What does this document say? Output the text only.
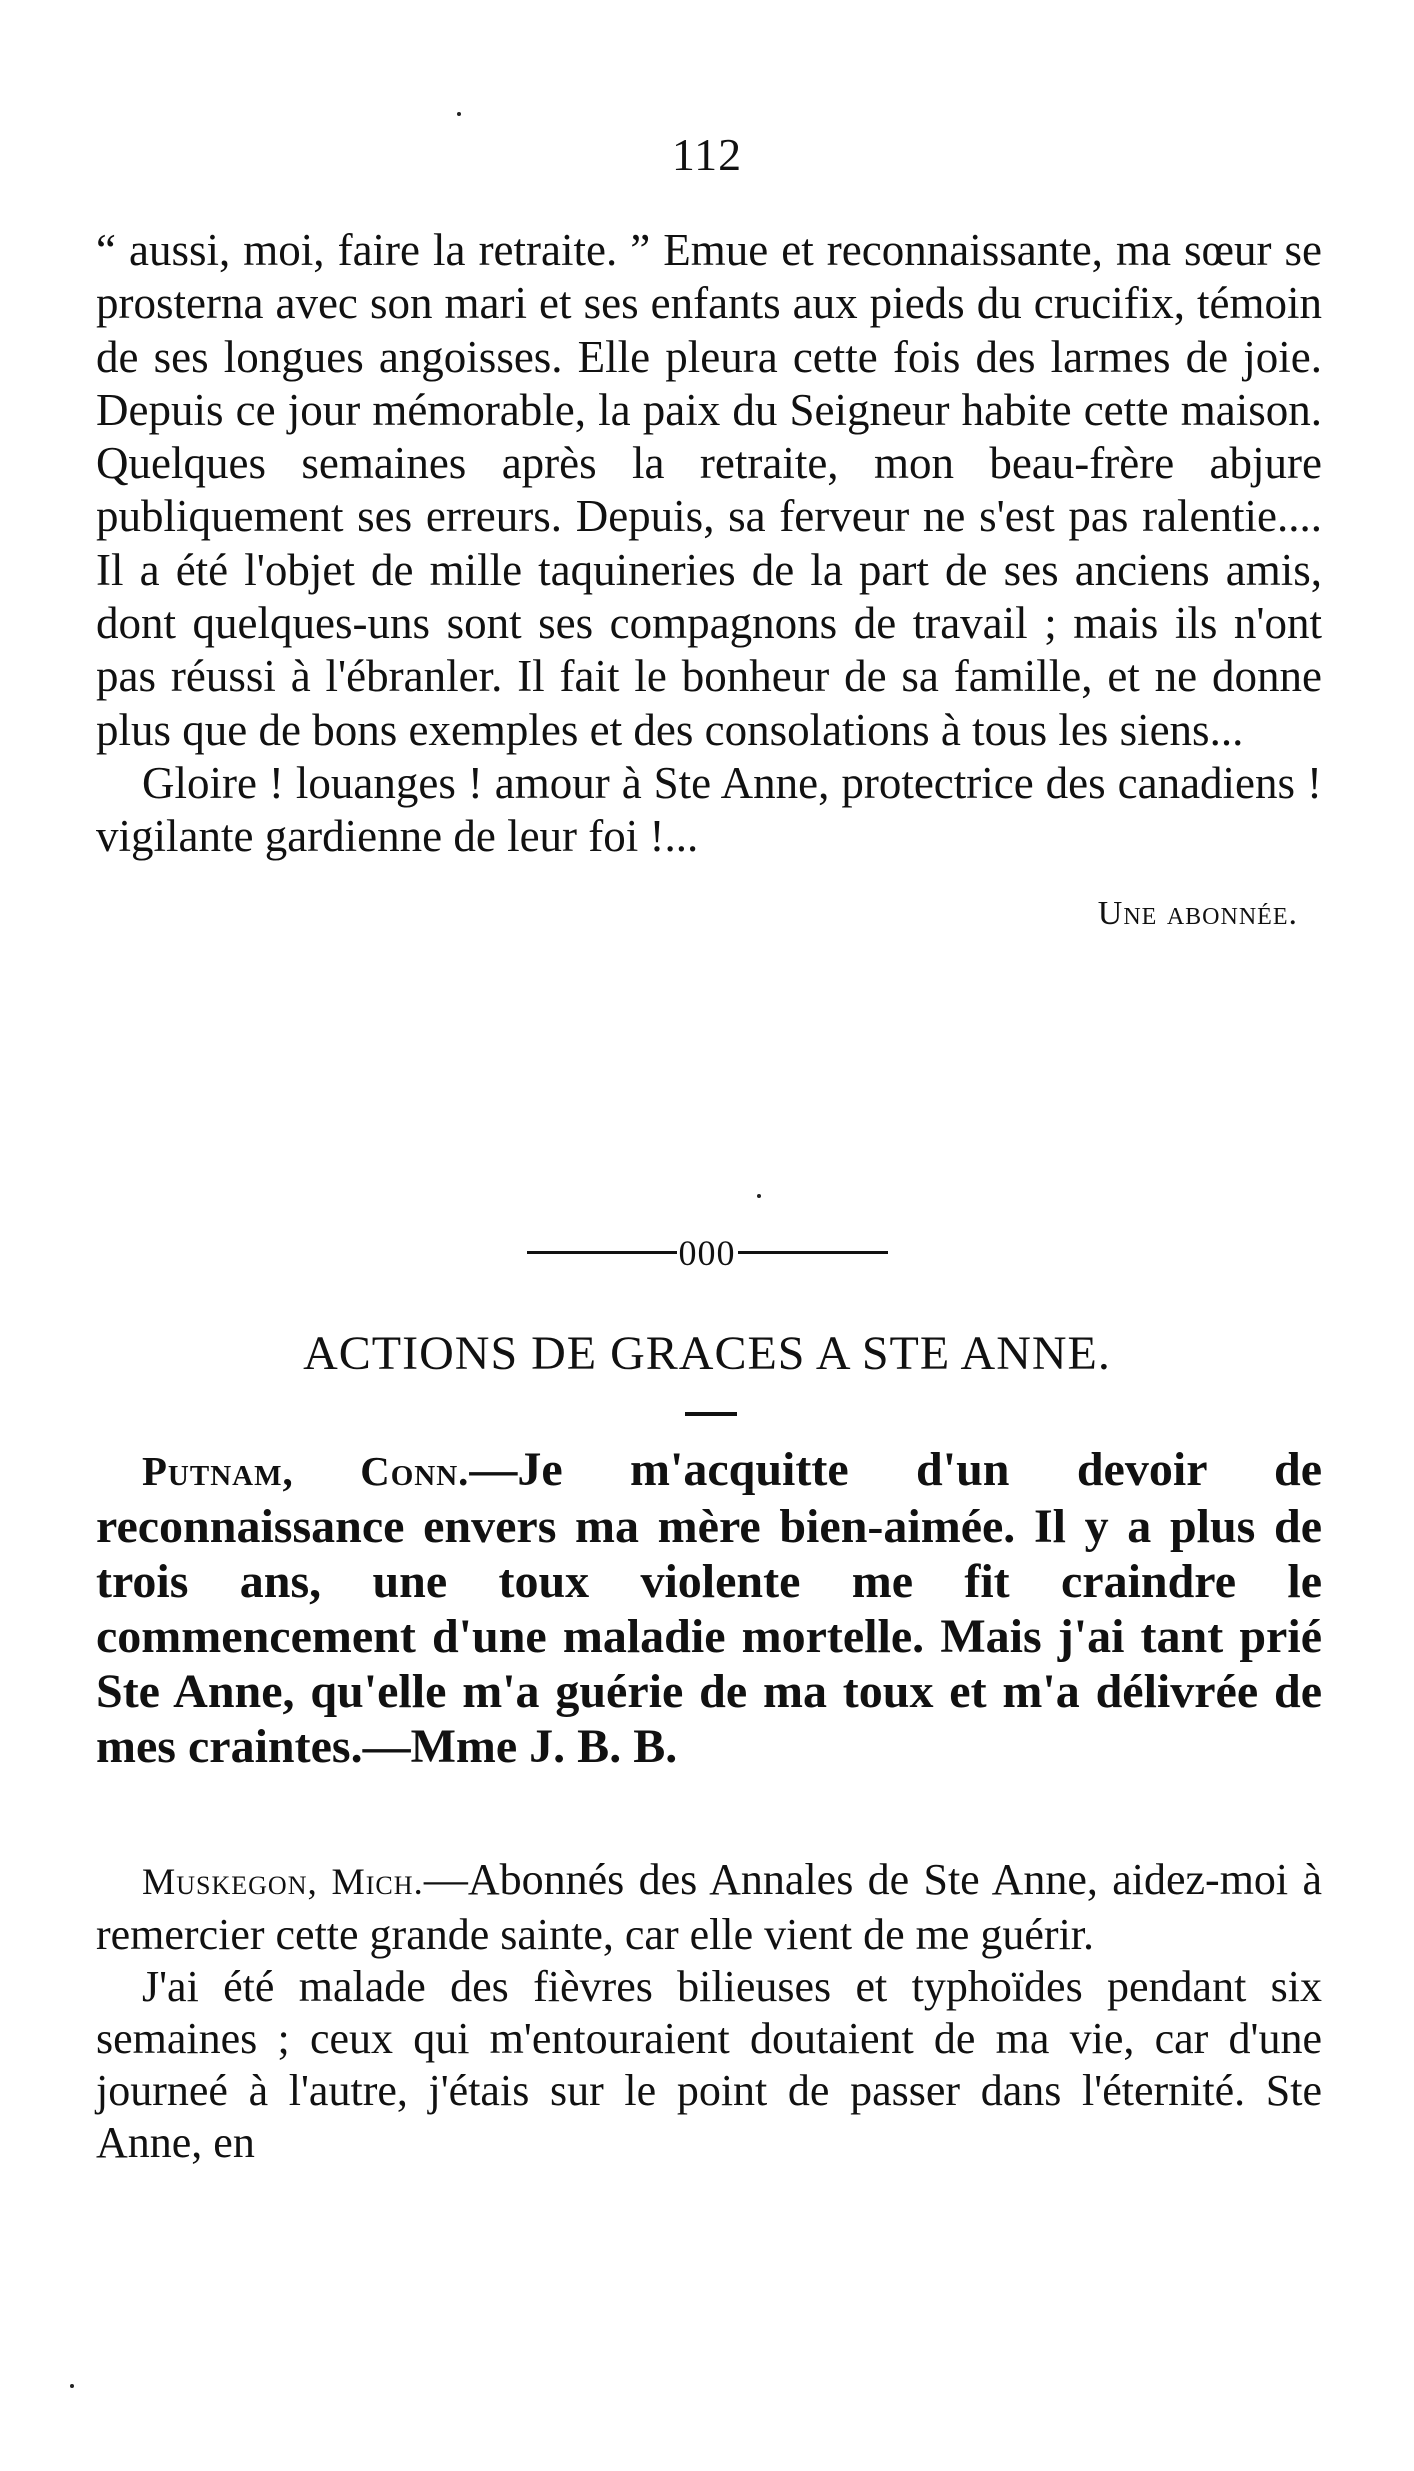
112

“ aussi, moi, faire la retraite. ” Emue et reconnaissante, ma sœur se prosterna avec son mari et ses enfants aux pieds du crucifix, témoin de ses longues angoisses. Elle pleura cette fois des larmes de joie. Depuis ce jour mémorable, la paix du Seigneur habite cette maison. Quelques semaines après la retraite, mon beau-frère abjure publiquement ses erreurs. Depuis, sa ferveur ne s'est pas ralentie.... Il a été l'objet de mille taquineries de la part de ses anciens amis, dont quelques-uns sont ses compagnons de travail ; mais ils n'ont pas réussi à l'ébranler. Il fait le bonheur de sa famille, et ne donne plus que de bons exemples et des consolations à tous les siens...

Gloire ! louanges ! amour à Ste Anne, protectrice des canadiens ! vigilante gardienne de leur foi !...

Une abonnée.

000
ACTIONS DE GRACES A STE ANNE.

Putnam, Conn.—Je m'acquitte d'un devoir de reconnaissance envers ma mère bien-aimée. Il y a plus de trois ans, une toux violente me fit craindre le commencement d'une maladie mortelle. Mais j'ai tant prié Ste Anne, qu'elle m'a guérie de ma toux et m'a délivrée de mes craintes.—Mme J. B. B.

Muskegon, Mich.—Abonnés des Annales de Ste Anne, aidez-moi à remercier cette grande sainte, car elle vient de me guérir.

J'ai été malade des fièvres bilieuses et typhoïdes pendant six semaines ; ceux qui m'entouraient doutaient de ma vie, car d'une journeé à l'autre, j'étais sur le point de passer dans l'éternité. Ste Anne, en
